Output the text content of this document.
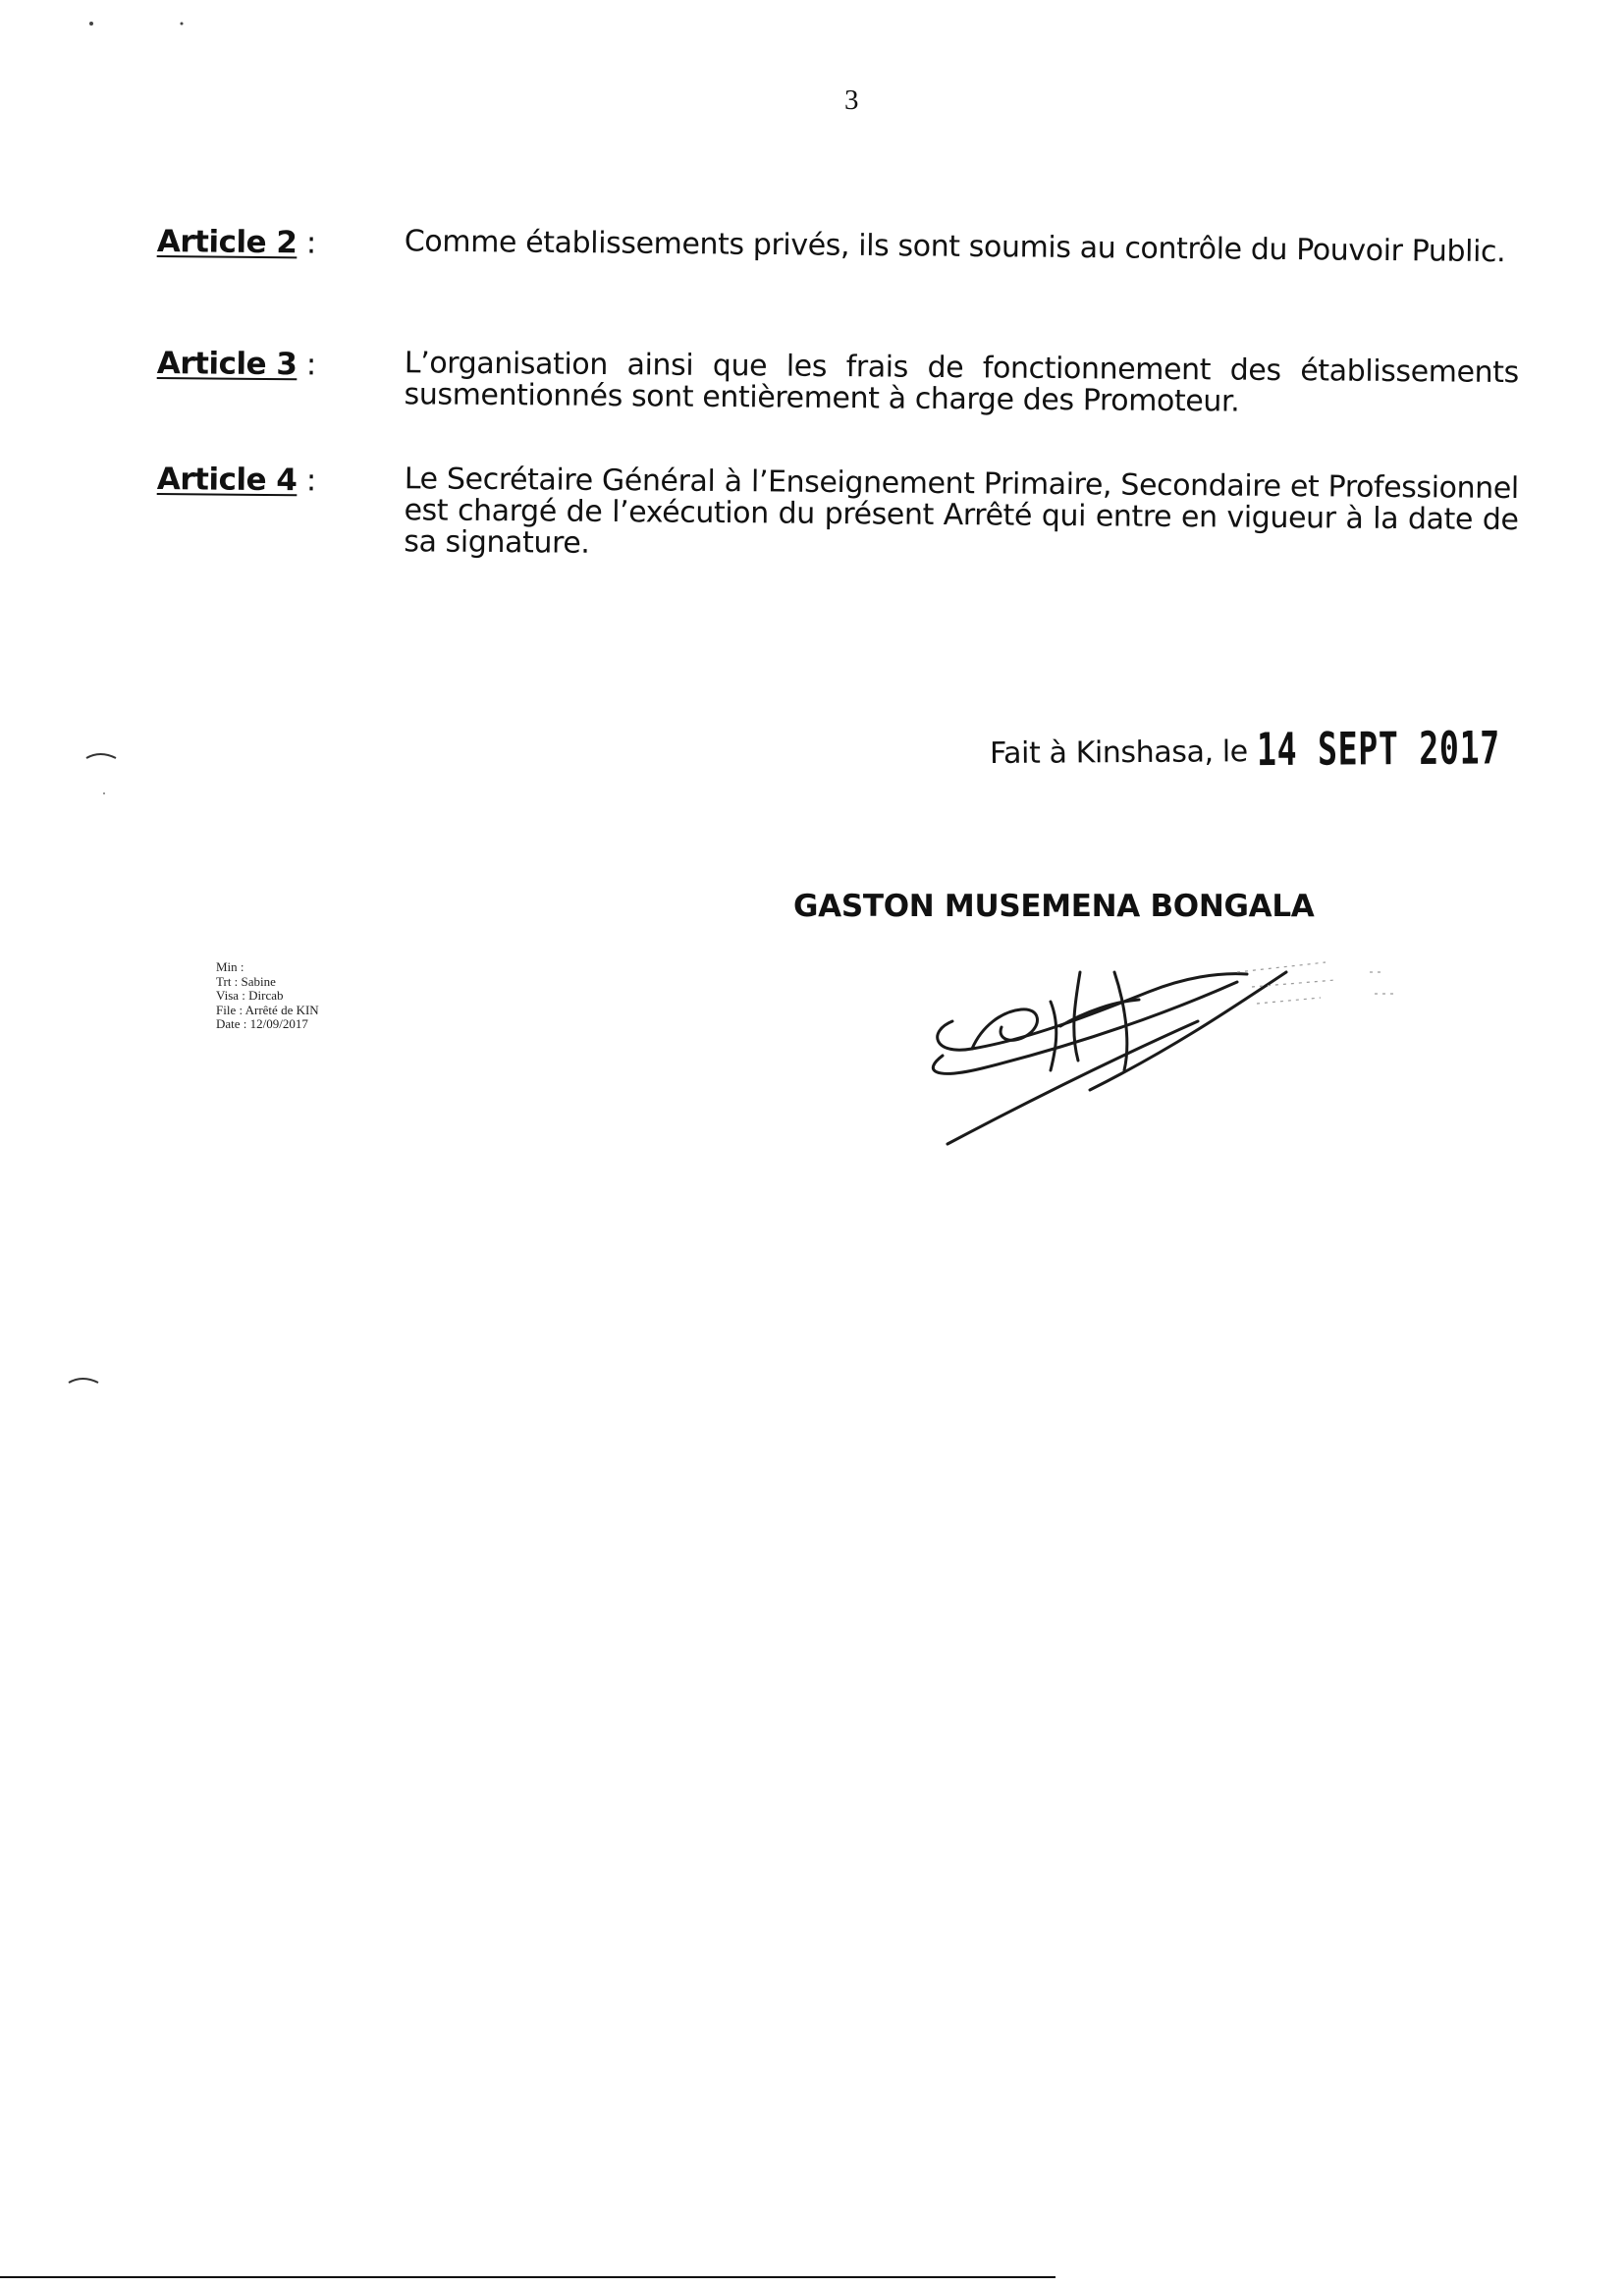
3
Article 2 :	Comme établissements privés, ils sont soumis au contrôle du Pouvoir Public.
Article 3 :	L’organisation ainsi que les frais de fonctionnement des établissements susmentionnés sont entièrement à charge des Promoteur.
Article 4 :	Le Secrétaire Général à l’Enseignement Primaire, Secondaire et Professionnel est chargé de l’exécution du présent Arrêté qui entre en vigueur à la date de sa signature.
Fait à Kinshasa, le 14 SEPT 2017
GASTON MUSEMENA BONGALA
Min :
Trt : Sabine
Visa : Dircab
File : Arrêté de KIN
Date : 12/09/2017
